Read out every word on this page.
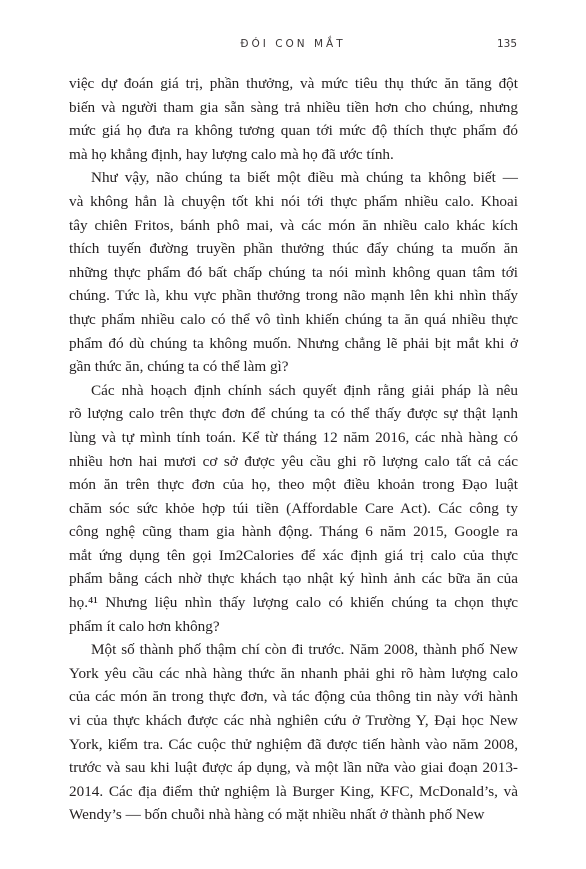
ĐÓI CON MẮT	135

việc dự đoán giá trị, phần thưởng, và mức tiêu thụ thức ăn tăng đột
biến và người tham gia sẵn sàng trả nhiều tiền hơn cho chúng, nhưng
mức giá họ đưa ra không tương quan tới mức độ thích thực phẩm đó
mà họ khẳng định, hay lượng calo mà họ đã ước tính.

Như vậy, não chúng ta biết một điều mà chúng ta không biết —
và không hẳn là chuyện tốt khi nói tới thực phẩm nhiều calo. Khoai
tây chiên Fritos, bánh phô mai, và các món ăn nhiều calo khác kích
thích tuyến đường truyền phần thưởng thúc đẩy chúng ta muốn ăn
những thực phẩm đó bất chấp chúng ta nói mình không quan tâm tới
chúng. Tức là, khu vực phần thưởng trong não mạnh lên khi nhìn thấy
thực phẩm nhiều calo có thể vô tình khiến chúng ta ăn quá nhiều thực
phẩm đó dù chúng ta không muốn. Nhưng chẳng lẽ phải bịt mắt khi ở
gần thức ăn, chúng ta có thể làm gì?

Các nhà hoạch định chính sách quyết định rằng giải pháp là nêu
rõ lượng calo trên thực đơn để chúng ta có thể thấy được sự thật lạnh
lùng và tự mình tính toán. Kể từ tháng 12 năm 2016, các nhà hàng có
nhiều hơn hai mươi cơ sở được yêu cầu ghi rõ lượng calo tất cả các
món ăn trên thực đơn của họ, theo một điều khoản trong Đạo luật
chăm sóc sức khỏe hợp túi tiền (Affordable Care Act). Các công ty
công nghệ cũng tham gia hành động. Tháng 6 năm 2015, Google ra
mắt ứng dụng tên gọi Im2Calories để xác định giá trị calo của thực
phẩm bằng cách nhờ thực khách tạo nhật ký hình ảnh các bữa ăn của
họ.⁴¹ Nhưng liệu nhìn thấy lượng calo có khiến chúng ta chọn thực
phẩm ít calo hơn không?

Một số thành phố thậm chí còn đi trước. Năm 2008, thành phố New
York yêu cầu các nhà hàng thức ăn nhanh phải ghi rõ hàm lượng calo
của các món ăn trong thực đơn, và tác động của thông tin này với hành
vi của thực khách được các nhà nghiên cứu ở Trường Y, Đại học New
York, kiểm tra. Các cuộc thử nghiệm đã được tiến hành vào năm 2008,
trước và sau khi luật được áp dụng, và một lần nữa vào giai đoạn 2013-
2014. Các địa điểm thử nghiệm là Burger King, KFC, McDonald’s, và
Wendy’s — bốn chuỗi nhà hàng có mặt nhiều nhất ở thành phố New
